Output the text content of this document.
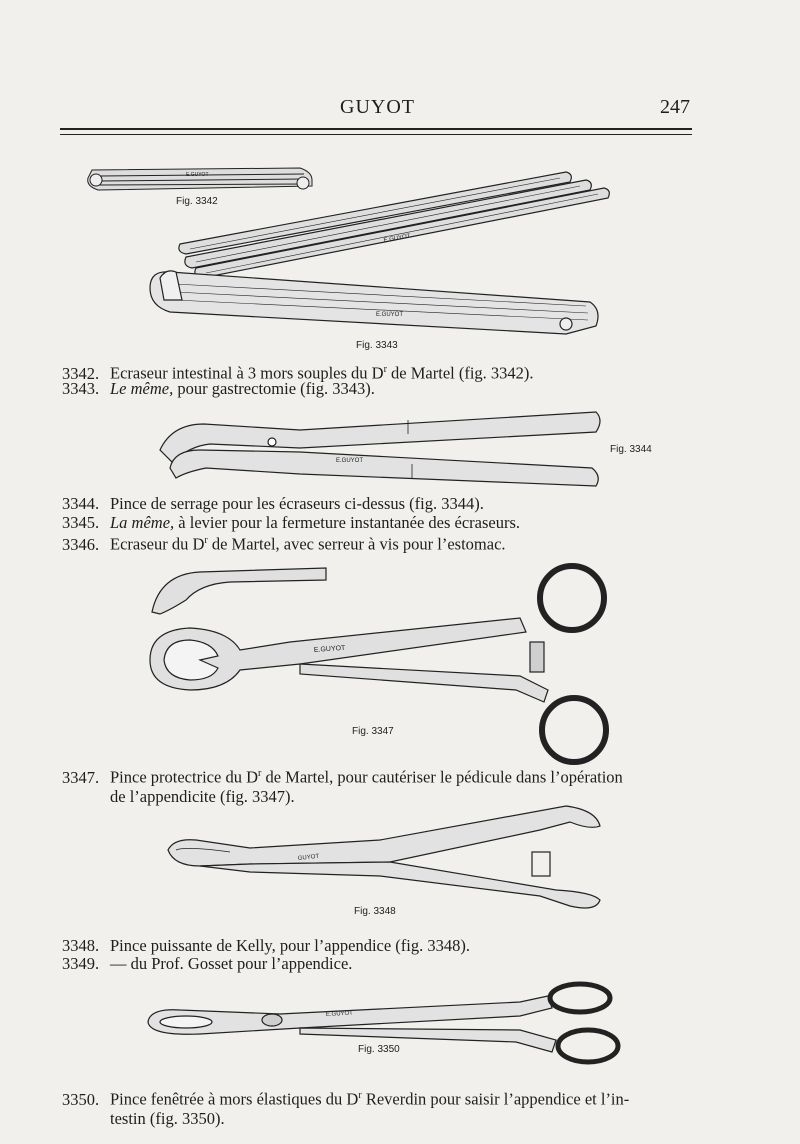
GUYOT	247
E.GUYOT
Fig. 3342
E.GUYOT
E.GUYOT
Fig. 3343
3342. Ecraseur intestinal à 3 mors souples du $D^r$ de Martel (fig. 3342).
3343. Le même, pour gastrectomie (fig. 3343).
E.GUYOT
Fig. 3344
3344. Pince de serrage pour les écraseurs ci-dessus (fig. 3344).
3345. La même, à levier pour la fermeture instantanée des écraseurs.
3346. Ecraseur du $D^r$ de Martel, avec serreur à vis pour l’estomac.
E.GUYOT
Fig. 3347
3347. Pince protectrice du $D^r$ de Martel, pour cautériser le pédicule dans l’opération
de l’appendicite (fig. 3347).
GUYOT
Fig. 3348
3348. Pince puissante de Kelly, pour l’appendice (fig. 3348).
3349. — du Prof. Gosset pour l’appendice.
E.GUYOT
Fig. 3350
3350. Pince fenêtrée à mors élastiques du $D^r$ Reverdin pour saisir l’appendice et l’in-
testin (fig. 3350).
